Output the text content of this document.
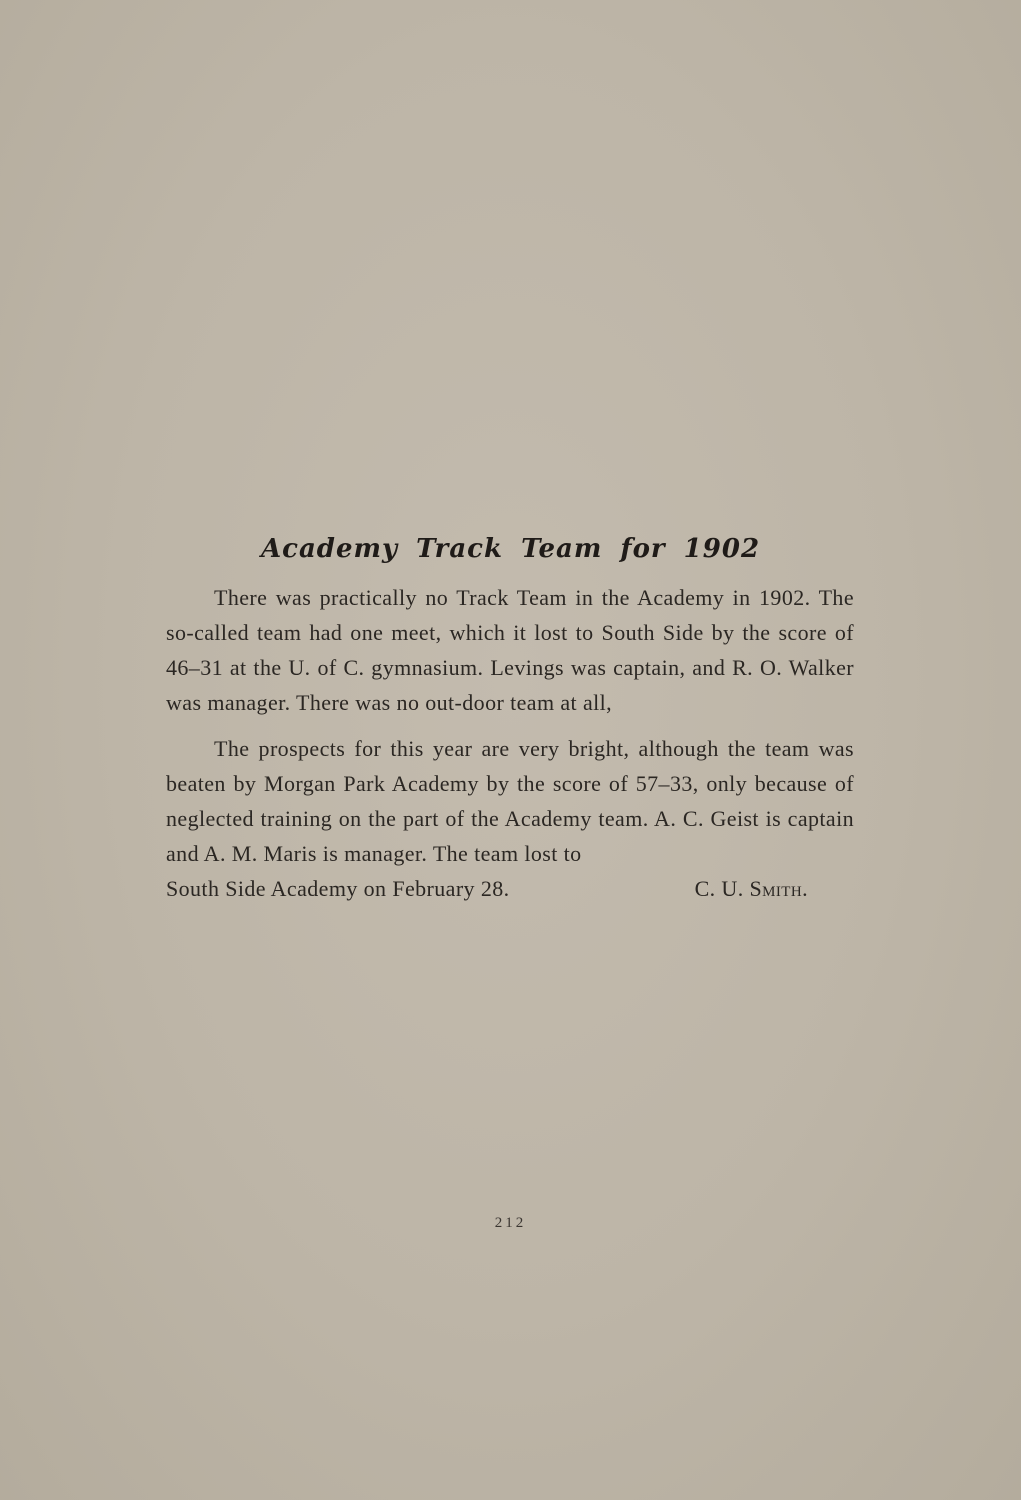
Academy Track Team for 1902

There was practically no Track Team in the Academy in 1902. The so-called team had one meet, which it lost to South Side by the score of 46–31 at the U. of C. gymnasium. Levings was captain, and R. O. Walker was manager. There was no out-door team at all,

The prospects for this year are very bright, although the team was beaten by Morgan Park Academy by the score of 57–33, only because of neglected training on the part of the Academy team. A. C. Geist is captain and A. M. Maris is manager. The team lost to

South Side Academy on February 28.	C. U. Smith.
212
